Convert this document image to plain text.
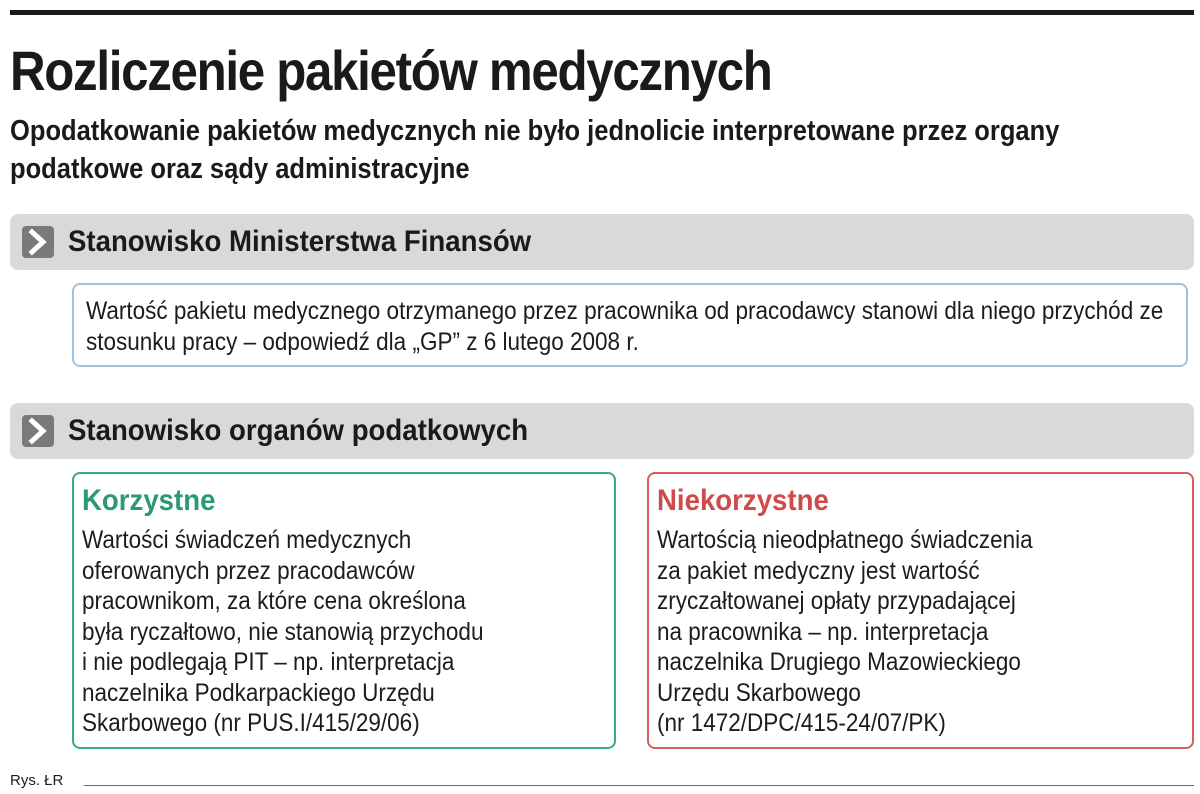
Rozliczenie pakietów medycznych

Opodatkowanie pakietów medycznych nie było jednolicie interpretowane przez organy podatkowe oraz sądy administracyjne

Stanowisko Ministerstwa Finansów

Wartość pakietu medycznego otrzymanego przez pracownika od pracodawcy stanowi dla niego przychód ze stosunku pracy – odpowiedź dla „GP” z 6 lutego 2008 r.

Stanowisko organów podatkowych
Korzystne

Wartości świadczeń medycznych
oferowanych przez pracodawców
pracownikom, za które cena określona
była ryczałtowo, nie stanowią przychodu
i nie podlegają PIT – np. interpretacja
naczelnika Podkarpackiego Urzędu
Skarbowego (nr PUS.I/415/29/06)

Niekorzystne

Wartością nieodpłatnego świadczenia
za pakiet medyczny jest wartość
zryczałtowanej opłaty przypadającej
na pracownika – np. interpretacja
naczelnika Drugiego Mazowieckiego
Urzędu Skarbowego
(nr 1472/DPC/415-24/07/PK)

Rys. ŁR
